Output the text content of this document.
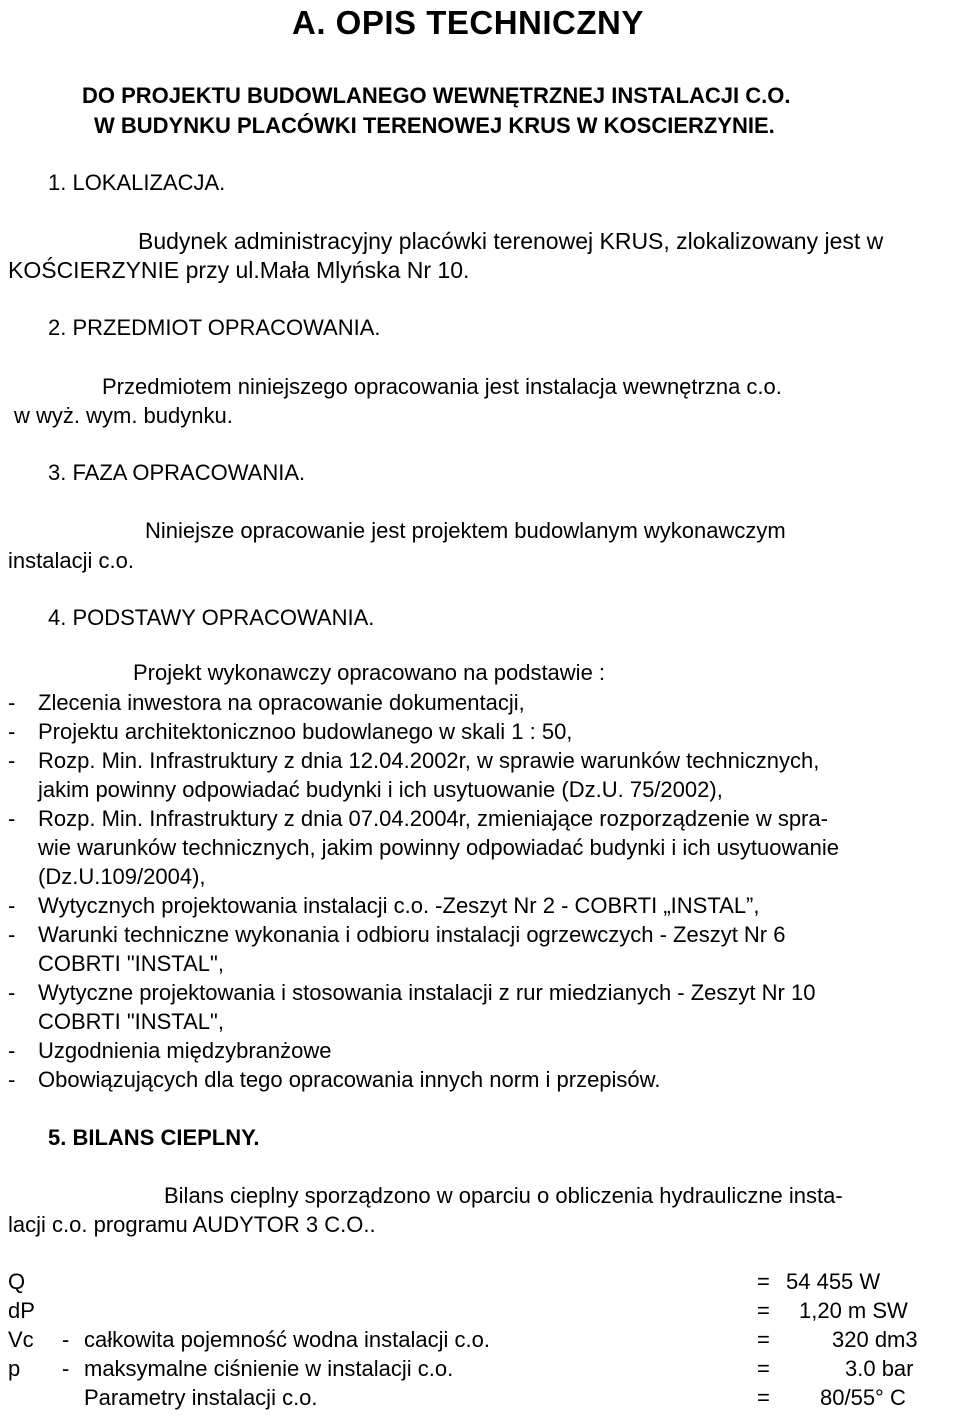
A. OPIS TECHNICZNY
DO PROJEKTU BUDOWLANEGO WEWNĘTRZNEJ INSTALACJI C.O.
W BUDYNKU PLACÓWKI TERENOWEJ KRUS W KOSCIERZYNIE.
1. LOKALIZACJA.
Budynek administracyjny placówki terenowej KRUS, zlokalizowany jest w
KOŚCIERZYNIE przy ul.Mała Mlyńska Nr 10.
2. PRZEDMIOT OPRACOWANIA.
Przedmiotem niniejszego opracowania jest instalacja wewnętrzna c.o.
w wyż. wym. budynku.
3. FAZA OPRACOWANIA.
Niniejsze opracowanie jest projektem budowlanym wykonawczym
instalacji c.o.
4. PODSTAWY OPRACOWANIA.
Projekt wykonawczy opracowano na podstawie :
- Zlecenia inwestora na opracowanie dokumentacji,
- Projektu architektonicznoo budowlanego w skali 1 : 50,
- Rozp. Min. Infrastruktury z dnia 12.04.2002r, w sprawie warunków technicznych,
jakim powinny odpowiadać budynki i ich usytuowanie (Dz.U. 75/2002),
- Rozp. Min. Infrastruktury z dnia 07.04.2004r, zmieniające rozporządzenie w spra-
wie warunków technicznych, jakim powinny odpowiadać budynki i ich usytuowanie
(Dz.U.109/2004),
- Wytycznych projektowania instalacji c.o. -Zeszyt Nr 2 - COBRTI „INSTAL”,
- Warunki techniczne wykonania i odbioru instalacji ogrzewczych - Zeszyt Nr 6
COBRTI "INSTAL",
- Wytyczne projektowania i stosowania instalacji z rur miedzianych - Zeszyt Nr 10
COBRTI "INSTAL",
- Uzgodnienia międzybranżowe
- Obowiązujących dla tego opracowania innych norm i przepisów.
5. BILANS CIEPLNY.
Bilans cieplny sporządzono w oparciu o obliczenia hydrauliczne insta-
lacji c.o. programu AUDYTOR 3 C.O..
Q	= 54 455 W
dP	= 1,20 m SW
Vc - całkowita pojemność wodna instalacji c.o.	=	320 dm3
p - maksymalne ciśnienie w instalacji c.o.	=	3.0 bar
Parametry instalacji c.o.	= 80/55° C
